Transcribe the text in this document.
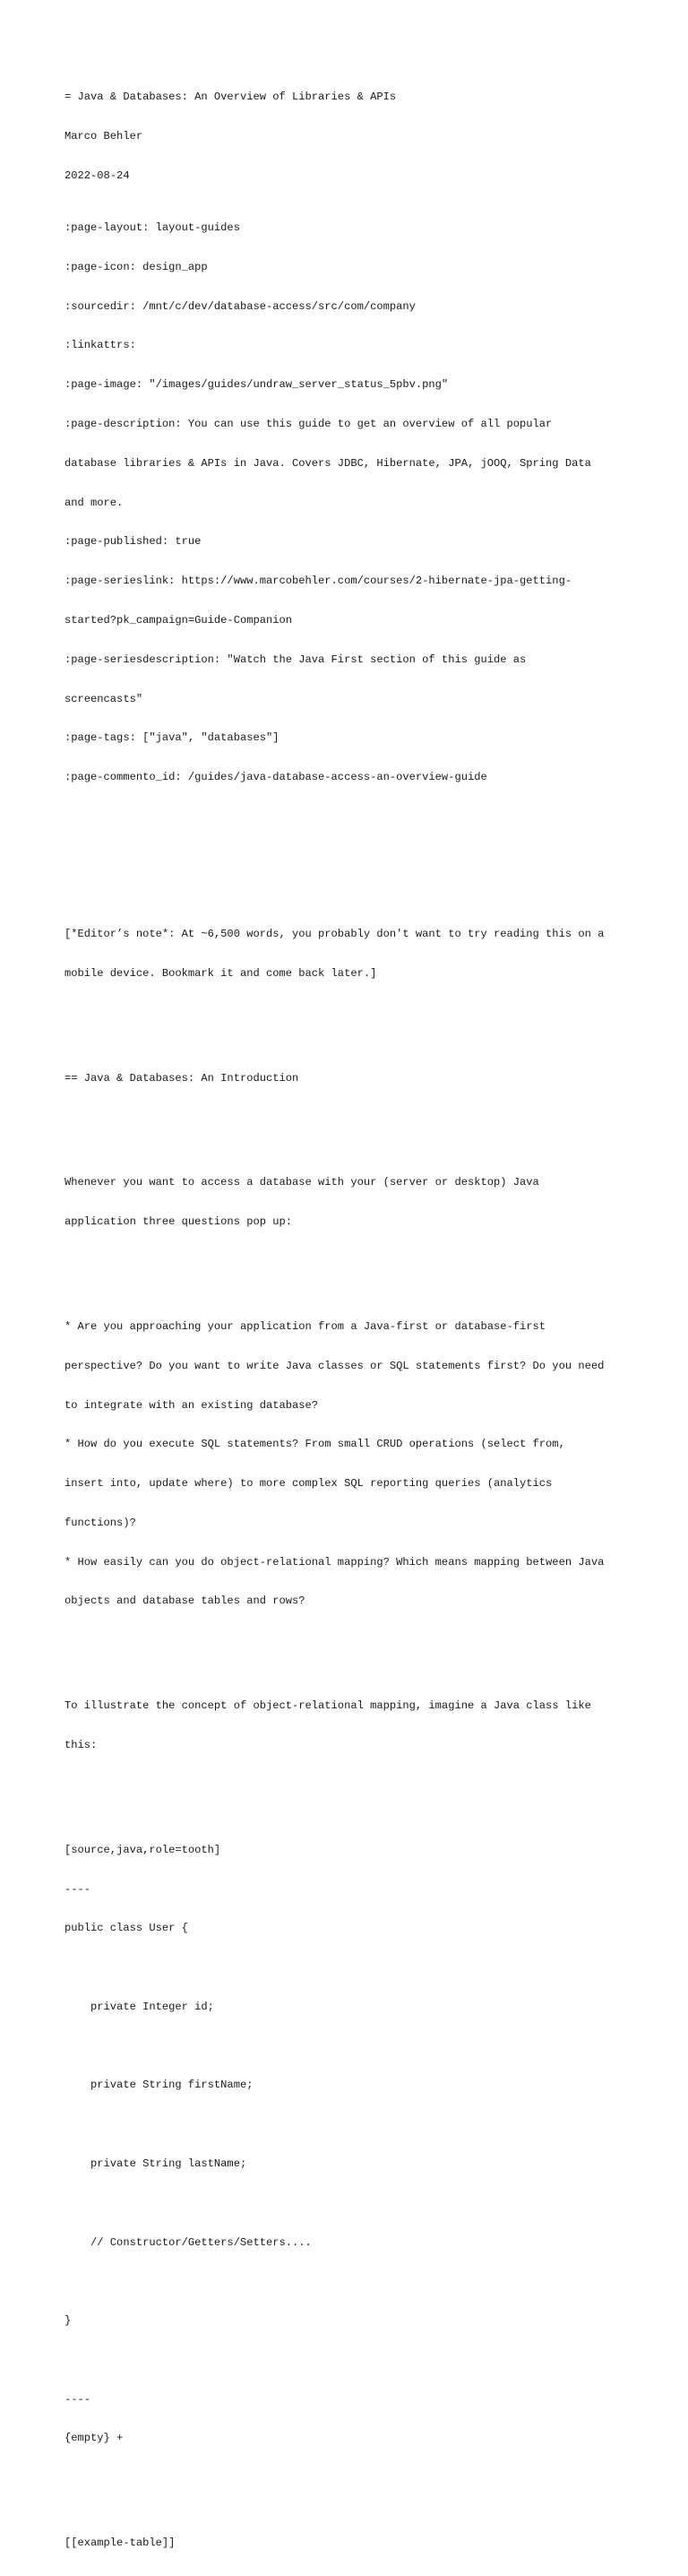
= Java & Databases: An Overview of Libraries & APIs

Marco Behler

2022-08-24

:page-layout: layout-guides

:page-icon: design_app

:sourcedir: /mnt/c/dev/database-access/src/com/company

:linkattrs:

:page-image: "/images/guides/undraw_server_status_5pbv.png"

:page-description: You can use this guide to get an overview of all popular

database libraries & APIs in Java. Covers JDBC, Hibernate, JPA, jOOQ, Spring Data

and more.

:page-published: true

:page-serieslink: https://www.marcobehler.com/courses/2-hibernate-jpa-getting-

started?pk_campaign=Guide-Companion

:page-seriesdescription: "Watch the Java First section of this guide as

screencasts"

:page-tags: ["java", "databases"]

:page-commento_id: /guides/java-database-access-an-overview-guide

[*Editor’s note*: At ~6,500 words, you probably don't want to try reading this on a

mobile device. Bookmark it and come back later.]

== Java & Databases: An Introduction

Whenever you want to access a database with your (server or desktop) Java

application three questions pop up:

* Are you approaching your application from a Java-first or database-first

perspective? Do you want to write Java classes or SQL statements first? Do you need

to integrate with an existing database?

* How do you execute SQL statements? From small CRUD operations (select from,

insert into, update where) to more complex SQL reporting queries (analytics

functions)?

* How easily can you do object-relational mapping? Which means mapping between Java

objects and database tables and rows?

To illustrate the concept of object-relational mapping, imagine a Java class like

this:

[source,java,role=tooth]

----

public class User {

private Integer id;

private String firstName;

private String lastName;

// Constructor/Getters/Setters....

}

----

{empty} +

[[example-table]]
